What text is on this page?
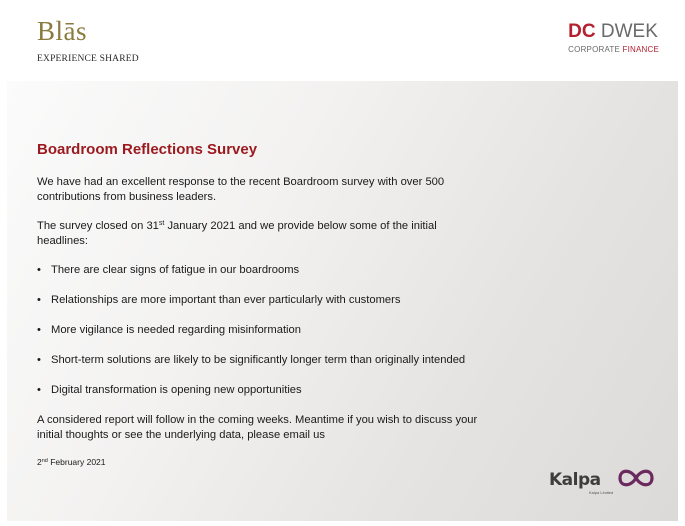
Blās
EXPERIENCE SHARED
DC DWEK
CORPORATE FINANCE
Boardroom Reflections Survey

We have had an excellent response to the recent Boardroom survey with over 500 contributions from business leaders.

The survey closed on 31st January 2021 and we provide below some of the initial headlines:

• There are clear signs of fatigue in our boardrooms
• Relationships are more important than ever particularly with customers
• More vigilance is needed regarding misinformation
• Short-term solutions are likely to be significantly longer term than originally intended
• Digital transformation is opening new opportunities

A considered report will follow in the coming weeks. Meantime if you wish to discuss your initial thoughts or see the underlying data, please email us

2nd February 2021
Kalpa
Kalpa Limited
